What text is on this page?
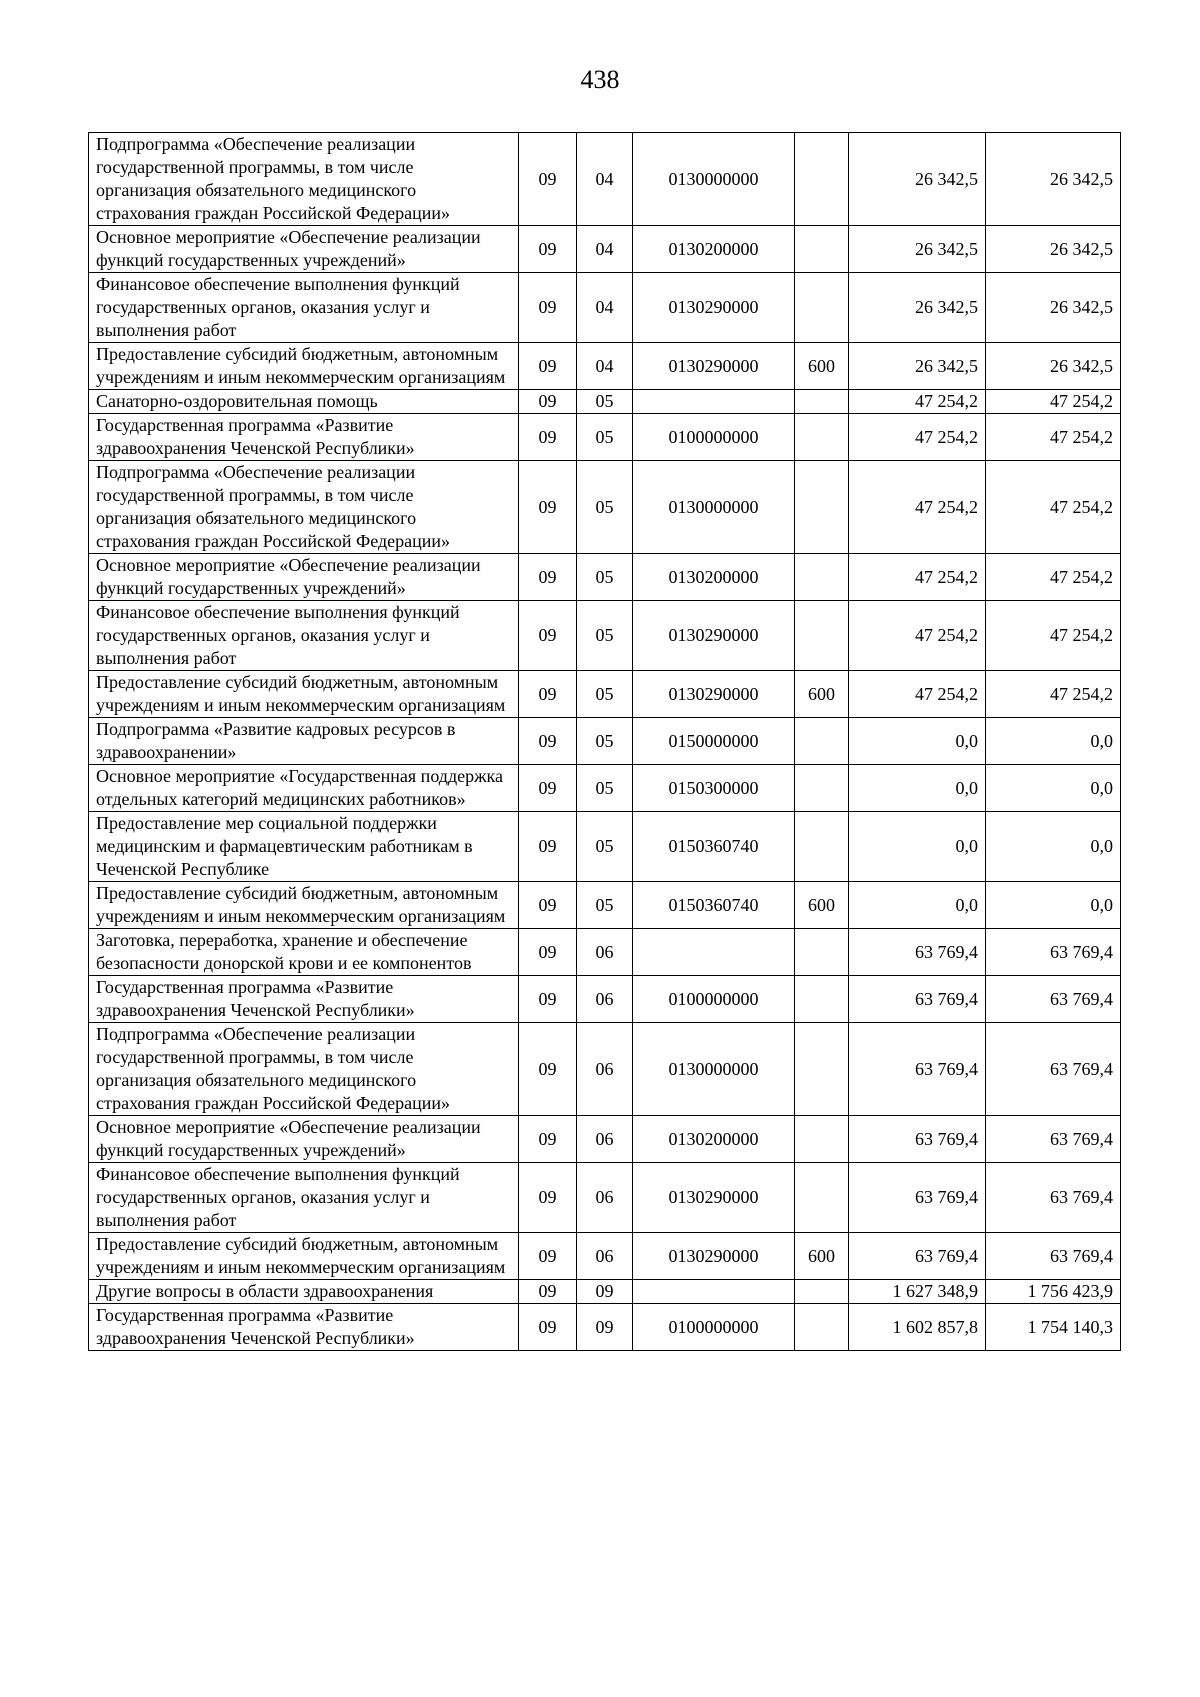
438
Подпрограмма «Обеспечение реализации государственной программы, в том числе организация обязательного медицинского страхования граждан Российской Федерации»	09	04	0130000000		26 342,5	26 342,5
Основное мероприятие «Обеспечение реализации функций государственных учреждений»	09	04	0130200000		26 342,5	26 342,5
Финансовое обеспечение выполнения функций государственных органов, оказания услуг и выполнения работ	09	04	0130290000		26 342,5	26 342,5
Предоставление субсидий бюджетным, автономным учреждениям и иным некоммерческим организациям	09	04	0130290000	600	26 342,5	26 342,5
Санаторно-оздоровительная помощь	09	05			47 254,2	47 254,2
Государственная программа «Развитие здравоохранения Чеченской Республики»	09	05	0100000000		47 254,2	47 254,2
Подпрограмма «Обеспечение реализации государственной программы, в том числе организация обязательного медицинского страхования граждан Российской Федерации»	09	05	0130000000		47 254,2	47 254,2
Основное мероприятие «Обеспечение реализации функций государственных учреждений»	09	05	0130200000		47 254,2	47 254,2
Финансовое обеспечение выполнения функций государственных органов, оказания услуг и выполнения работ	09	05	0130290000		47 254,2	47 254,2
Предоставление субсидий бюджетным, автономным учреждениям и иным некоммерческим организациям	09	05	0130290000	600	47 254,2	47 254,2
Подпрограмма «Развитие кадровых ресурсов в здравоохранении»	09	05	0150000000		0,0	0,0
Основное мероприятие «Государственная поддержка отдельных категорий медицинских работников»	09	05	0150300000		0,0	0,0
Предоставление мер социальной поддержки медицинским и фармацевтическим работникам в Чеченской Республике	09	05	0150360740		0,0	0,0
Предоставление субсидий бюджетным, автономным учреждениям и иным некоммерческим организациям	09	05	0150360740	600	0,0	0,0
Заготовка, переработка, хранение и обеспечение безопасности донорской крови и ее компонентов	09	06			63 769,4	63 769,4
Государственная программа «Развитие здравоохранения Чеченской Республики»	09	06	0100000000		63 769,4	63 769,4
Подпрограмма «Обеспечение реализации государственной программы, в том числе организация обязательного медицинского страхования граждан Российской Федерации»	09	06	0130000000		63 769,4	63 769,4
Основное мероприятие «Обеспечение реализации функций государственных учреждений»	09	06	0130200000		63 769,4	63 769,4
Финансовое обеспечение выполнения функций государственных органов, оказания услуг и выполнения работ	09	06	0130290000		63 769,4	63 769,4
Предоставление субсидий бюджетным, автономным учреждениям и иным некоммерческим организациям	09	06	0130290000	600	63 769,4	63 769,4
Другие вопросы в области здравоохранения	09	09			1 627 348,9	1 756 423,9
Государственная программа «Развитие здравоохранения Чеченской Республики»	09	09	0100000000		1 602 857,8	1 754 140,3
